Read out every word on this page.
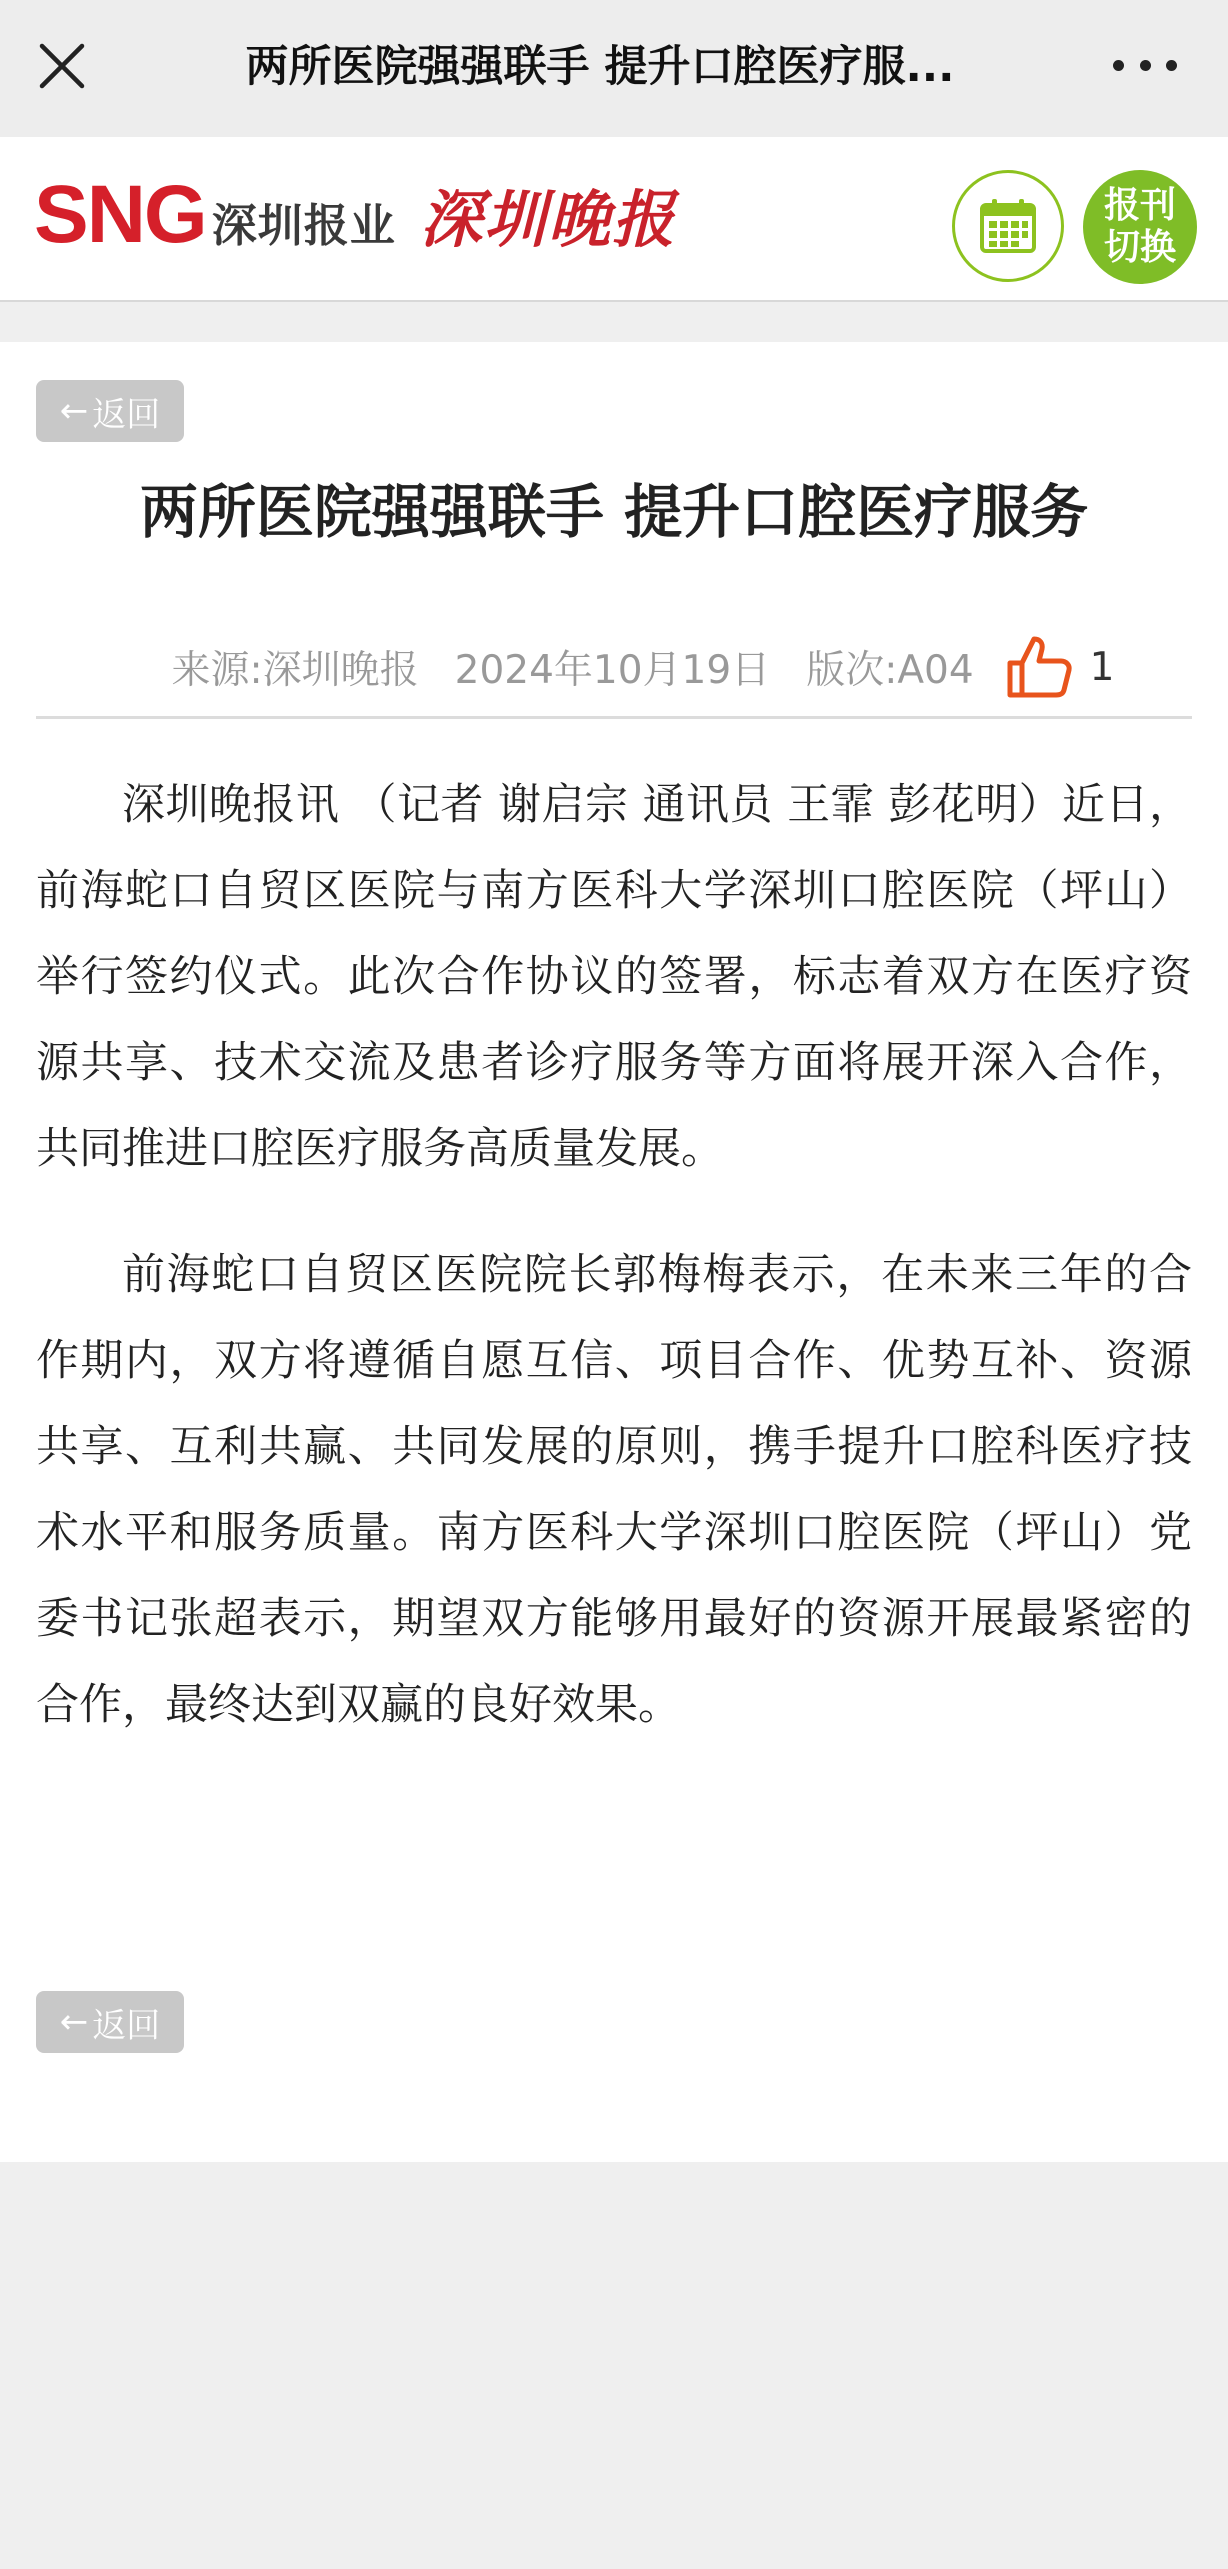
两所医院强强联手 提升口腔医疗服...
SNG 深圳报业 深圳晚报	报刊
切换
← 返回
两所医院强强联手 提升口腔医疗服务
来源:深圳晚报 2024年10月19日 版次:A04	1

深圳晚报讯 （记者 谢启宗 通讯员 王霏 彭花明）近日，前海蛇口自贸区医院与南方医科大学深圳口腔医院（坪山）举行签约仪式。此次合作协议的签署，标志着双方在医疗资源共享、技术交流及患者诊疗服务等方面将展开深入合作，共同推进口腔医疗服务高质量发展。

前海蛇口自贸区医院院长郭梅梅表示，在未来三年的合作期内，双方将遵循自愿互信、项目合作、优势互补、资源共享、互利共赢、共同发展的原则，携手提升口腔科医疗技术水平和服务质量。南方医科大学深圳口腔医院（坪山）党委书记张超表示，期望双方能够用最好的资源开展最紧密的合作，最终达到双赢的良好效果。

← 返回
